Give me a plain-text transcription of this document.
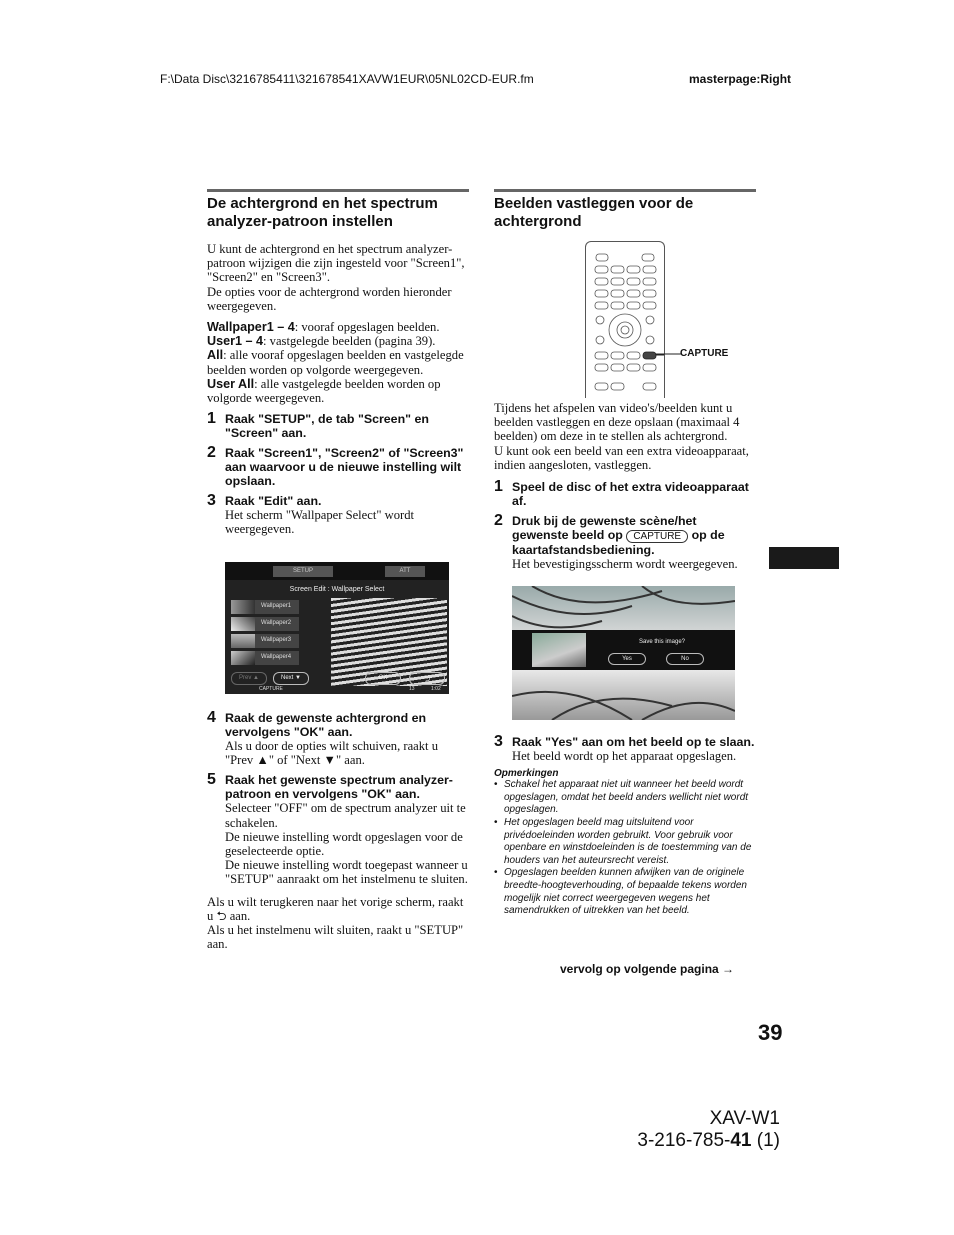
F:\Data Disc\3216785411\321678541XAVW1EUR\05NL02CD-EUR.fm	masterpage:Right
De achtergrond en het spectrum analyzer-patroon instellen

U kunt de achtergrond en het spectrum analyzer-patroon wijzigen die zijn ingesteld voor "Screen1", "Screen2" en "Screen3".

De opties voor de achtergrond worden hieronder weergegeven.

Wallpaper1 – 4: vooraf opgeslagen beelden.

User1 – 4: vastgelegde beelden (pagina 39).

All: alle vooraf opgeslagen beelden en vastgelegde beelden worden op volgorde weergegeven.

User All: alle vastgelegde beelden worden op volgorde weergegeven.

1 Raak "SETUP", de tab "Screen" en "Screen" aan.
2 Raak "Screen1", "Screen2" of "Screen3" aan waarvoor u de nieuwe instelling wilt opslaan.
3 Raak "Edit" aan.
Het scherm "Wallpaper Select" wordt weergegeven.
SETUP	ATT
Screen Edit : Wallpaper Select
Wallpaper1
Wallpaper2
Wallpaper3
Wallpaper4
Prev ▲	Next ▼	OK	⮌
CAPTURE	13	1:02
4 Raak de gewenste achtergrond en vervolgens "OK" aan.
Als u door de opties wilt schuiven, raakt u "Prev ▲" of "Next ▼" aan.
5 Raak het gewenste spectrum analyzer-patroon en vervolgens "OK" aan.
Selecteer "OFF" om de spectrum analyzer uit te schakelen.
De nieuwe instelling wordt opgeslagen voor de geselecteerde optie.
De nieuwe instelling wordt toegepast wanneer u "SETUP" aanraakt om het instelmenu te sluiten.
Als u wilt terugkeren naar het vorige scherm, raakt u ⮌ aan.
Als u het instelmenu wilt sluiten, raakt u "SETUP" aan.
Beelden vastleggen voor de achtergrond
CAPTURE

Tijdens het afspelen van video's/beelden kunt u beelden vastleggen en deze opslaan (maximaal 4 beelden) om deze in te stellen als achtergrond.

U kunt ook een beeld van een extra videoapparaat, indien aangesloten, vastleggen.

1 Speel de disc of het extra videoapparaat af.
2 Druk bij de gewenste scène/het gewenste beeld op CAPTURE op de kaartafstandsbediening.
Het bevestigingsscherm wordt weergegeven.
Save this image?
Yes	No
3 Raak "Yes" aan om het beeld op te slaan.
Het beeld wordt op het apparaat opgeslagen.
Opmerkingen
• Schakel het apparaat niet uit wanneer het beeld wordt opgeslagen, omdat het beeld anders wellicht niet wordt opgeslagen.
• Het opgeslagen beeld mag uitsluitend voor privédoeleinden worden gebruikt. Voor gebruik voor openbare en winstdoeleinden is de toestemming van de houders van het auteursrecht vereist.
• Opgeslagen beelden kunnen afwijken van de originele breedte-hoogteverhouding, of bepaalde tekens worden mogelijk niet correct weergegeven wegens het samendrukken of uitrekken van het beeld.
vervolg op volgende pagina →
39
XAV-W1
3-216-785-41 (1)
